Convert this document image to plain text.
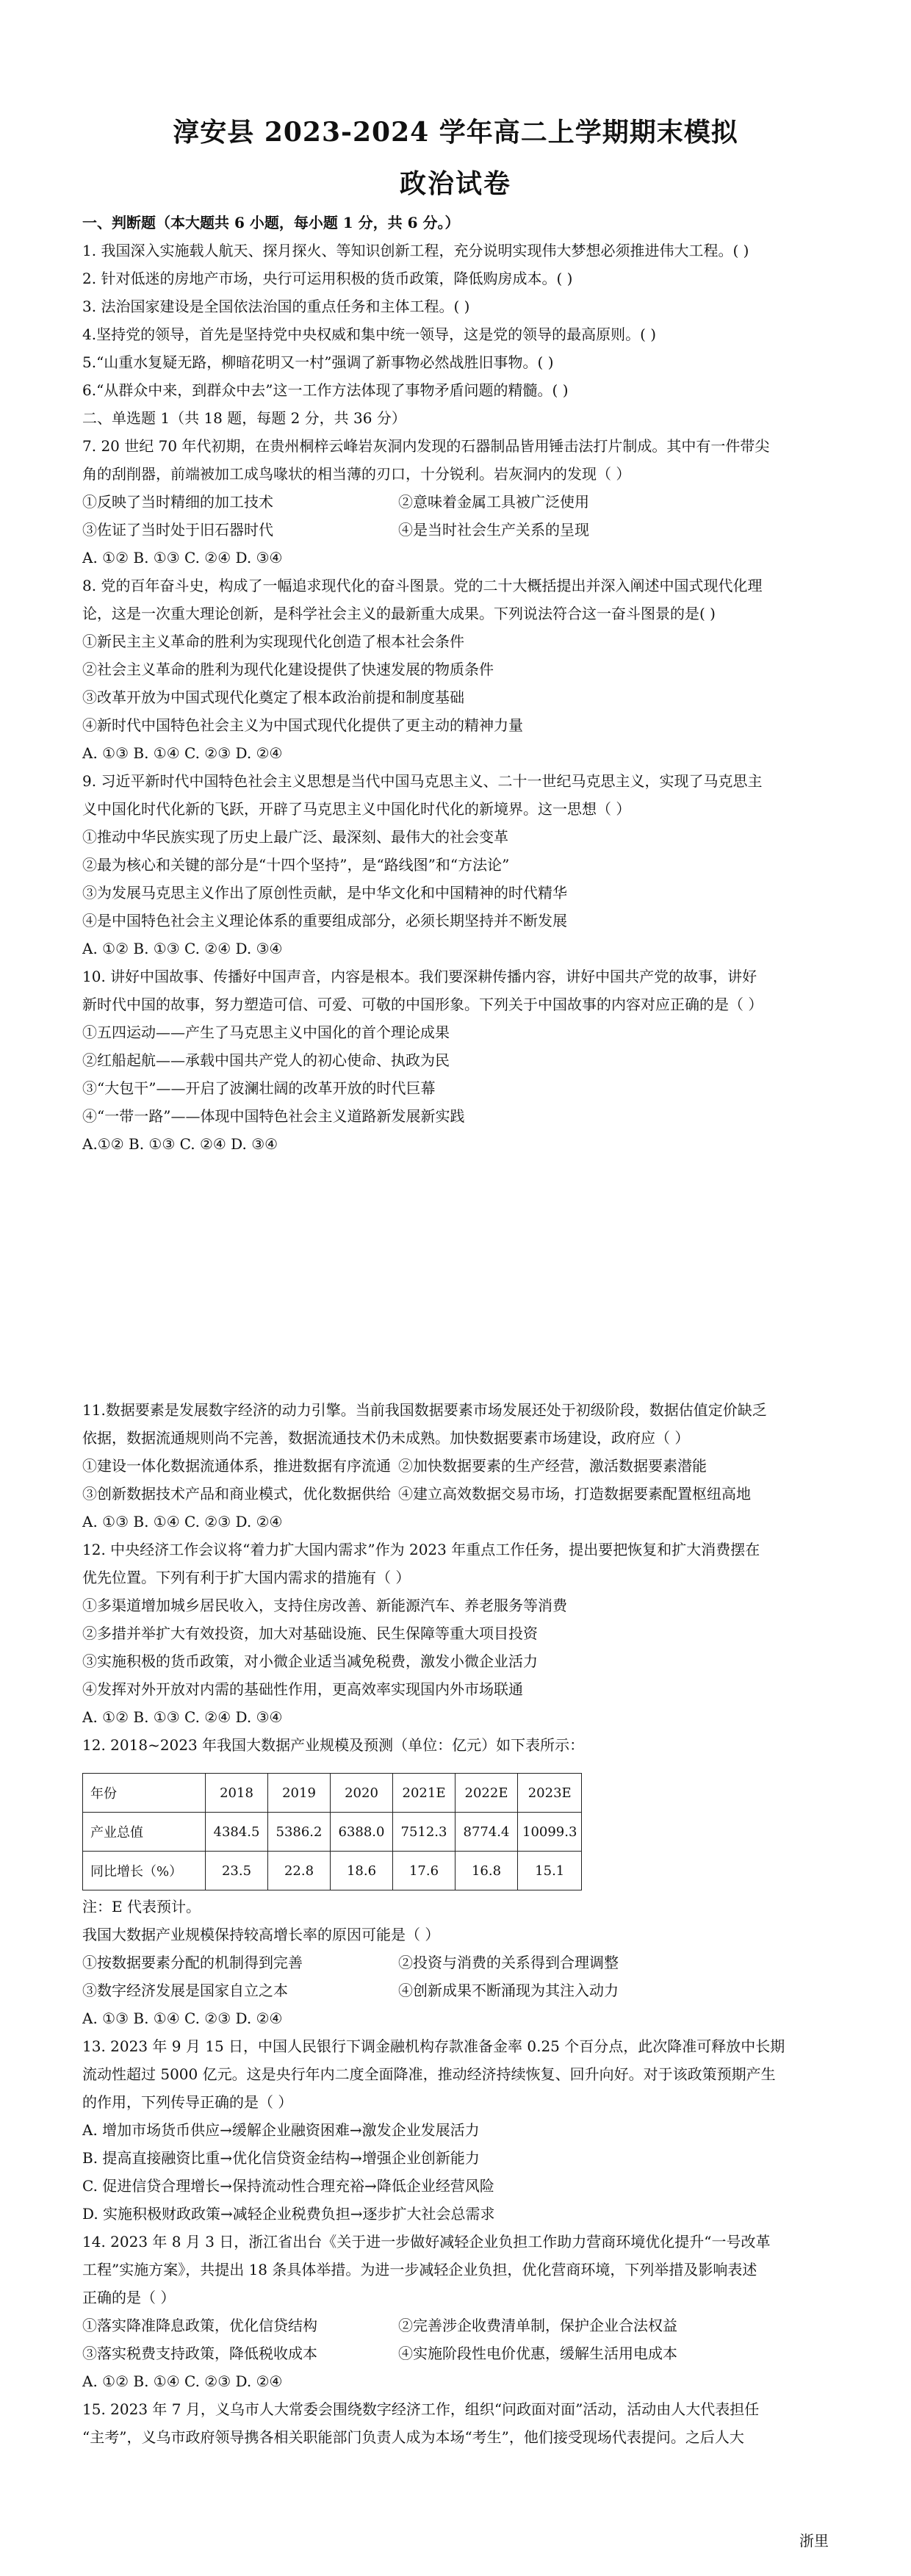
淳安县 2023-2024 学年高二上学期期末模拟
政治试卷
一、判断题（本大题共 6 小题，每小题 1 分，共 6 分。）
1. 我国深入实施载人航天、探月探火、等知识创新工程，充分说明实现伟大梦想必须推进伟大工程。( )
2. 针对低迷的房地产市场，央行可运用积极的货币政策，降低购房成本。( )
3. 法治国家建设是全国依法治国的重点任务和主体工程。( )
4.坚持党的领导，首先是坚持党中央权威和集中统一领导，这是党的领导的最高原则。( )
5.“山重水复疑无路，柳暗花明又一村”强调了新事物必然战胜旧事物。( )
6.“从群众中来，到群众中去”这一工作方法体现了事物矛盾问题的精髓。( )
二、单选题 1（共 18 题，每题 2 分，共 36 分）
7. 20 世纪 70 年代初期，在贵州桐梓云峰岩灰洞内发现的石器制品皆用锤击法打片制成。其中有一件带尖
角的刮削器，前端被加工成鸟喙状的相当薄的刃口，十分锐利。岩灰洞内的发现（ ）
①反映了当时精细的加工技术	②意味着金属工具被广泛使用
③佐证了当时处于旧石器时代	④是当时社会生产关系的呈现
A. ①② B. ①③ C. ②④ D. ③④
8. 党的百年奋斗史，构成了一幅追求现代化的奋斗图景。党的二十大概括提出并深入阐述中国式现代化理
论，这是一次重大理论创新，是科学社会主义的最新重大成果。下列说法符合这一奋斗图景的是( )
①新民主主义革命的胜利为实现现代化创造了根本社会条件
②社会主义革命的胜利为现代化建设提供了快速发展的物质条件
③改革开放为中国式现代化奠定了根本政治前提和制度基础
④新时代中国特色社会主义为中国式现代化提供了更主动的精神力量
A. ①③ B. ①④ C. ②③ D. ②④
9. 习近平新时代中国特色社会主义思想是当代中国马克思主义、二十一世纪马克思主义，实现了马克思主
义中国化时代化新的飞跃，开辟了马克思主义中国化时代化的新境界。这一思想（ ）
①推动中华民族实现了历史上最广泛、最深刻、最伟大的社会变革
②最为核心和关键的部分是“十四个坚持”，是“路线图”和“方法论”
③为发展马克思主义作出了原创性贡献，是中华文化和中国精神的时代精华
④是中国特色社会主义理论体系的重要组成部分，必须长期坚持并不断发展
A. ①② B. ①③ C. ②④ D. ③④
10. 讲好中国故事、传播好中国声音，内容是根本。我们要深耕传播内容，讲好中国共产党的故事，讲好
新时代中国的故事，努力塑造可信、可爱、可敬的中国形象。下列关于中国故事的内容对应正确的是（ ）
①五四运动——产生了马克思主义中国化的首个理论成果
②红船起航——承载中国共产党人的初心使命、执政为民
③“大包干”——开启了波澜壮阔的改革开放的时代巨幕
④“一带一路”——体现中国特色社会主义道路新发展新实践
A.①② B. ①③ C. ②④ D. ③④
11.数据要素是发展数字经济的动力引擎。当前我国数据要素市场发展还处于初级阶段，数据估值定价缺乏
依据，数据流通规则尚不完善，数据流通技术仍未成熟。加快数据要素市场建设，政府应（ ）
①建设一体化数据流通体系，推进数据有序流通 ②加快数据要素的生产经营，激活数据要素潜能
③创新数据技术产品和商业模式，优化数据供给 ④建立高效数据交易市场，打造数据要素配置枢纽高地
A. ①③ B. ①④ C. ②③ D. ②④
12. 中央经济工作会议将“着力扩大国内需求”作为 2023 年重点工作任务，提出要把恢复和扩大消费摆在
优先位置。下列有利于扩大国内需求的措施有（ ）
①多渠道增加城乡居民收入，支持住房改善、新能源汽车、养老服务等消费
②多措并举扩大有效投资，加大对基础设施、民生保障等重大项目投资
③实施积极的货币政策，对小微企业适当减免税费，激发小微企业活力
④发挥对外开放对内需的基础性作用，更高效率实现国内外市场联通
A. ①② B. ①③ C. ②④ D. ③④
12. 2018~2023 年我国大数据产业规模及预测（单位：亿元）如下表所示：
年份	2018	2019	2020	2021E	2022E	2023E
产业总值	4384.5	5386.2	6388.0	7512.3	8774.4	10099.3
同比增长（%）	23.5	22.8	18.6	17.6	16.8	15.1
注：E 代表预计。
我国大数据产业规模保持较高增长率的原因可能是（ ）
①按数据要素分配的机制得到完善	②投资与消费的关系得到合理调整
③数字经济发展是国家自立之本	④创新成果不断涌现为其注入动力
A. ①③ B. ①④ C. ②③ D. ②④
13. 2023 年 9 月 15 日，中国人民银行下调金融机构存款准备金率 0.25 个百分点，此次降准可释放中长期
流动性超过 5000 亿元。这是央行年内二度全面降准，推动经济持续恢复、回升向好。对于该政策预期产生
的作用，下列传导正确的是（ ）
A. 增加市场货币供应→缓解企业融资困难→激发企业发展活力
B. 提高直接融资比重→优化信贷资金结构→增强企业创新能力
C. 促进信贷合理增长→保持流动性合理充裕→降低企业经营风险
D. 实施积极财政政策→减轻企业税费负担→逐步扩大社会总需求
14. 2023 年 8 月 3 日，浙江省出台《关于进一步做好减轻企业负担工作助力营商环境优化提升“一号改革
工程”实施方案》，共提出 18 条具体举措。为进一步减轻企业负担，优化营商环境，下列举措及影响表述
正确的是（ ）
①落实降准降息政策，优化信贷结构	②完善涉企收费清单制，保护企业合法权益
③落实税费支持政策，降低税收成本	④实施阶段性电价优惠，缓解生活用电成本
A. ①② B. ①④ C. ②③ D. ②④
15. 2023 年 7 月，义乌市人大常委会围绕数字经济工作，组织“问政面对面”活动，活动由人大代表担任
“主考”，义乌市政府领导携各相关职能部门负责人成为本场“考生”，他们接受现场代表提问。之后人大
浙里
